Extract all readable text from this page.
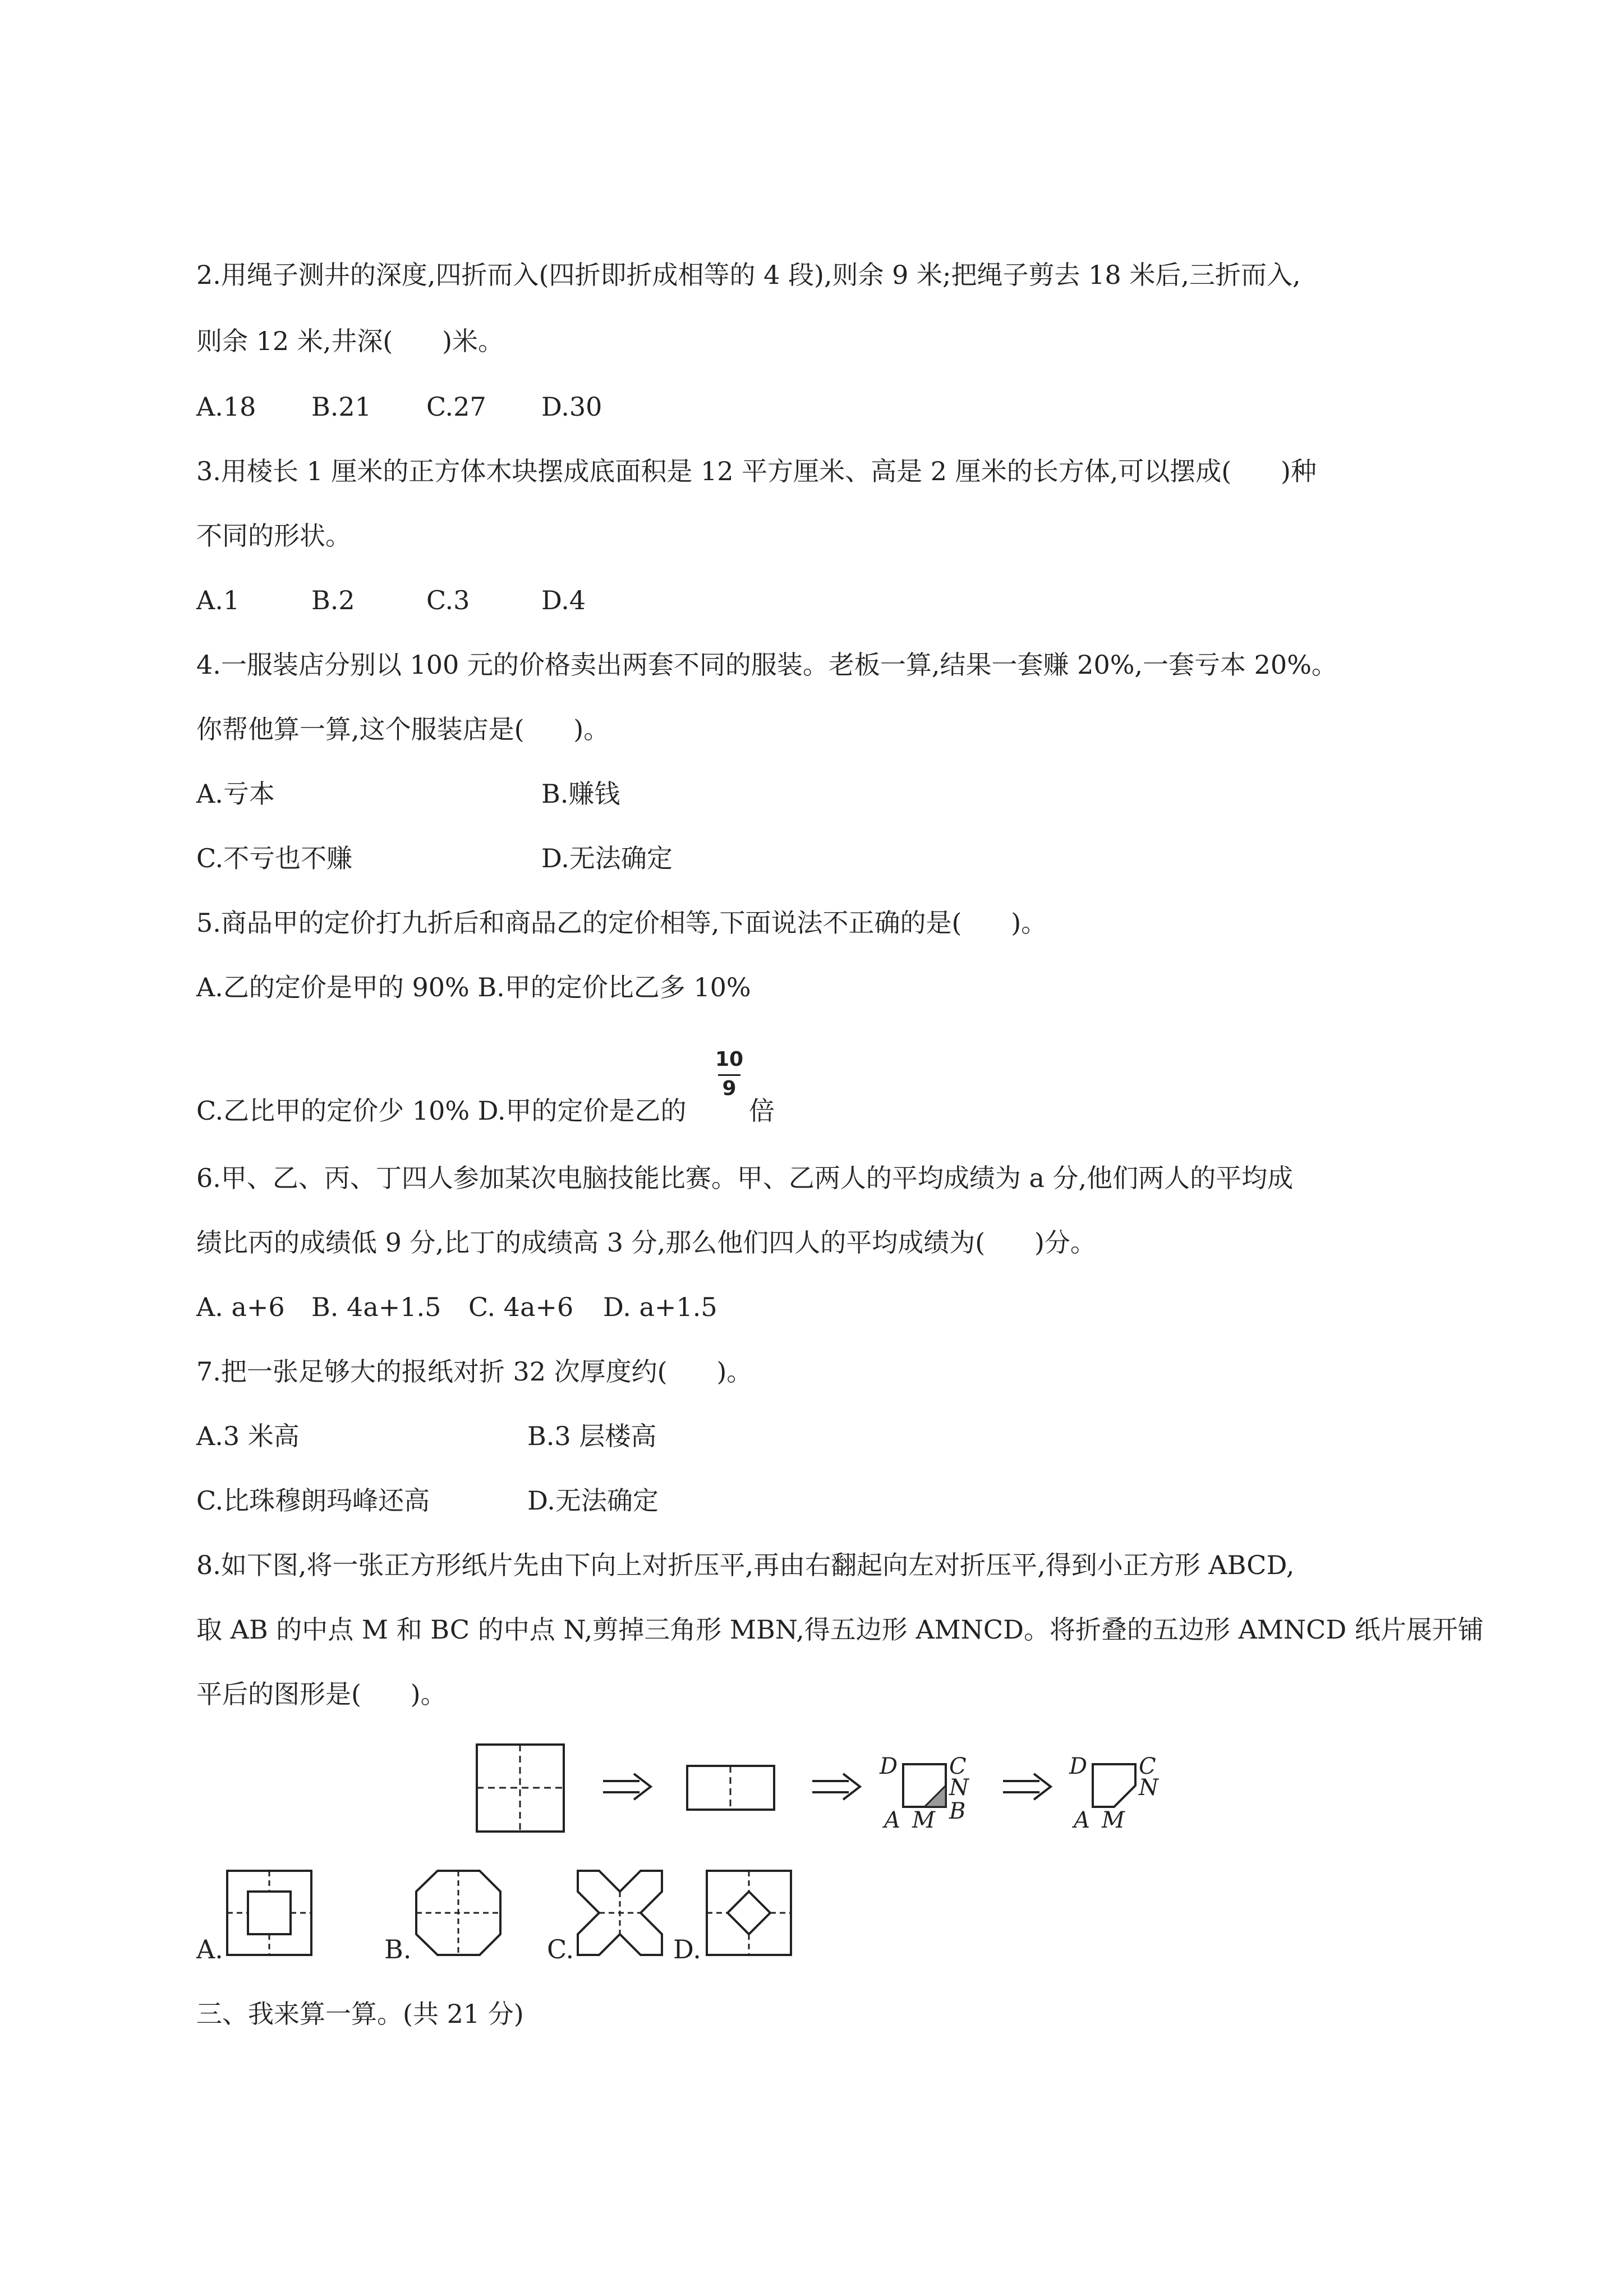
2.用绳子测井的深度,四折而入(四折即折成相等的 4 段),则余 9 米;把绳子剪去 18 米后,三折而入,
则余 12 米,井深(      )米。
A.18 B.21 C.27 D.30
3.用棱长 1 厘米的正方体木块摆成底面积是 12 平方厘米、高是 2 厘米的长方体,可以摆成(      )种
不同的形状。
A.1	B.2	C.3	D.4
4.一服装店分别以 100 元的价格卖出两套不同的服装。老板一算,结果一套赚 20%,一套亏本 20%。
你帮他算一算,这个服装店是(      )。
A.亏本	B.赚钱
C.不亏也不赚	D.无法确定
5.商品甲的定价打九折后和商品乙的定价相等,下面说法不正确的是(      )。
A.乙的定价是甲的 90% B.甲的定价比乙多 10%
C.乙比甲的定价少 10% D.甲的定价是乙的
10
9
倍
6.甲、乙、丙、丁四人参加某次电脑技能比赛。甲、乙两人的平均成绩为 a 分,他们两人的平均成
绩比丙的成绩低 9 分,比丁的成绩高 3 分,那么他们四人的平均成绩为(      )分。
A. a+6 B. 4a+1.5 C. 4a+6 D. a+1.5
7.把一张足够大的报纸对折 32 次厚度约(      )。
A.3 米高	B.3 层楼高
C.比珠穆朗玛峰还高	D.无法确定
8.如下图,将一张正方形纸片先由下向上对折压平,再由右翻起向左对折压平,得到小正方形 ABCD,
取 AB 的中点 M 和 BC 的中点 N,剪掉三角形 MBN,得五边形 AMNCD。将折叠的五边形 AMNCD 纸片展开铺
平后的图形是(      )。
D C
N
B
A M
D C
N
A M
A.	B.	C.	D.
三、我来算一算。(共 21 分)
